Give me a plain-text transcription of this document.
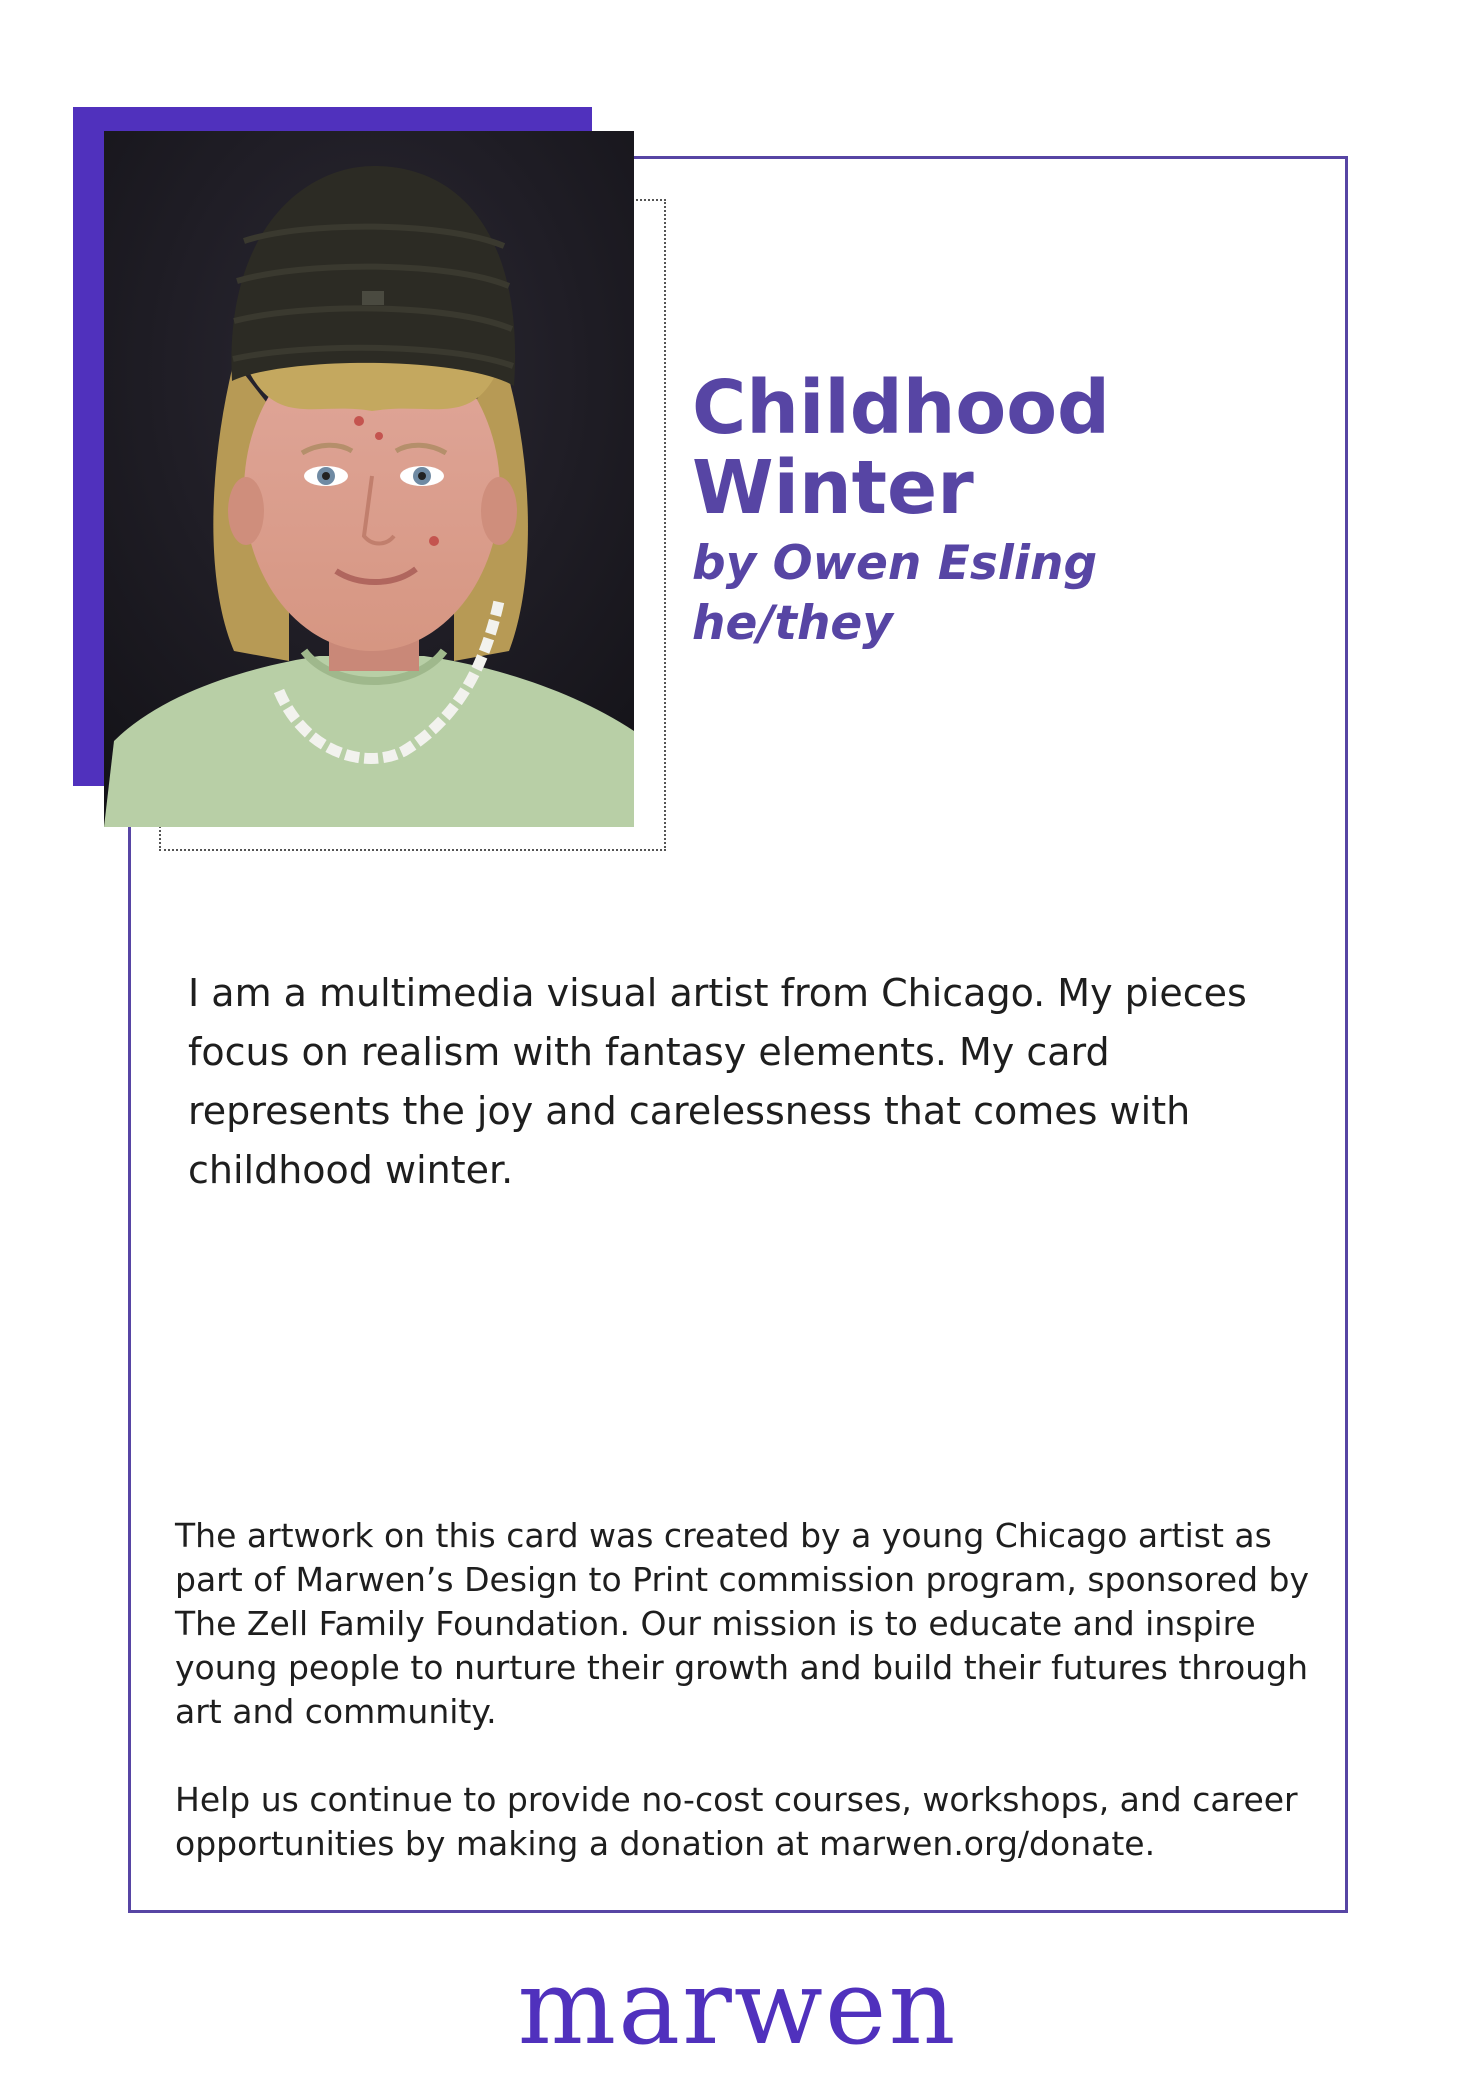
Childhood Winter
by Owen Esling
he/they

I am a multimedia visual artist from Chicago. My pieces focus on realism with fantasy elements. My card represents the joy and carelessness that comes with childhood winter.

The artwork on this card was created by a young Chicago artist as part of Marwen’s Design to Print commission program, sponsored by The Zell Family Foundation. Our mission is to educate and inspire young people to nurture their growth and build their futures through art and community.

Help us continue to provide no-cost courses, workshops, and career opportunities by making a donation at marwen.org/donate.

marwen
